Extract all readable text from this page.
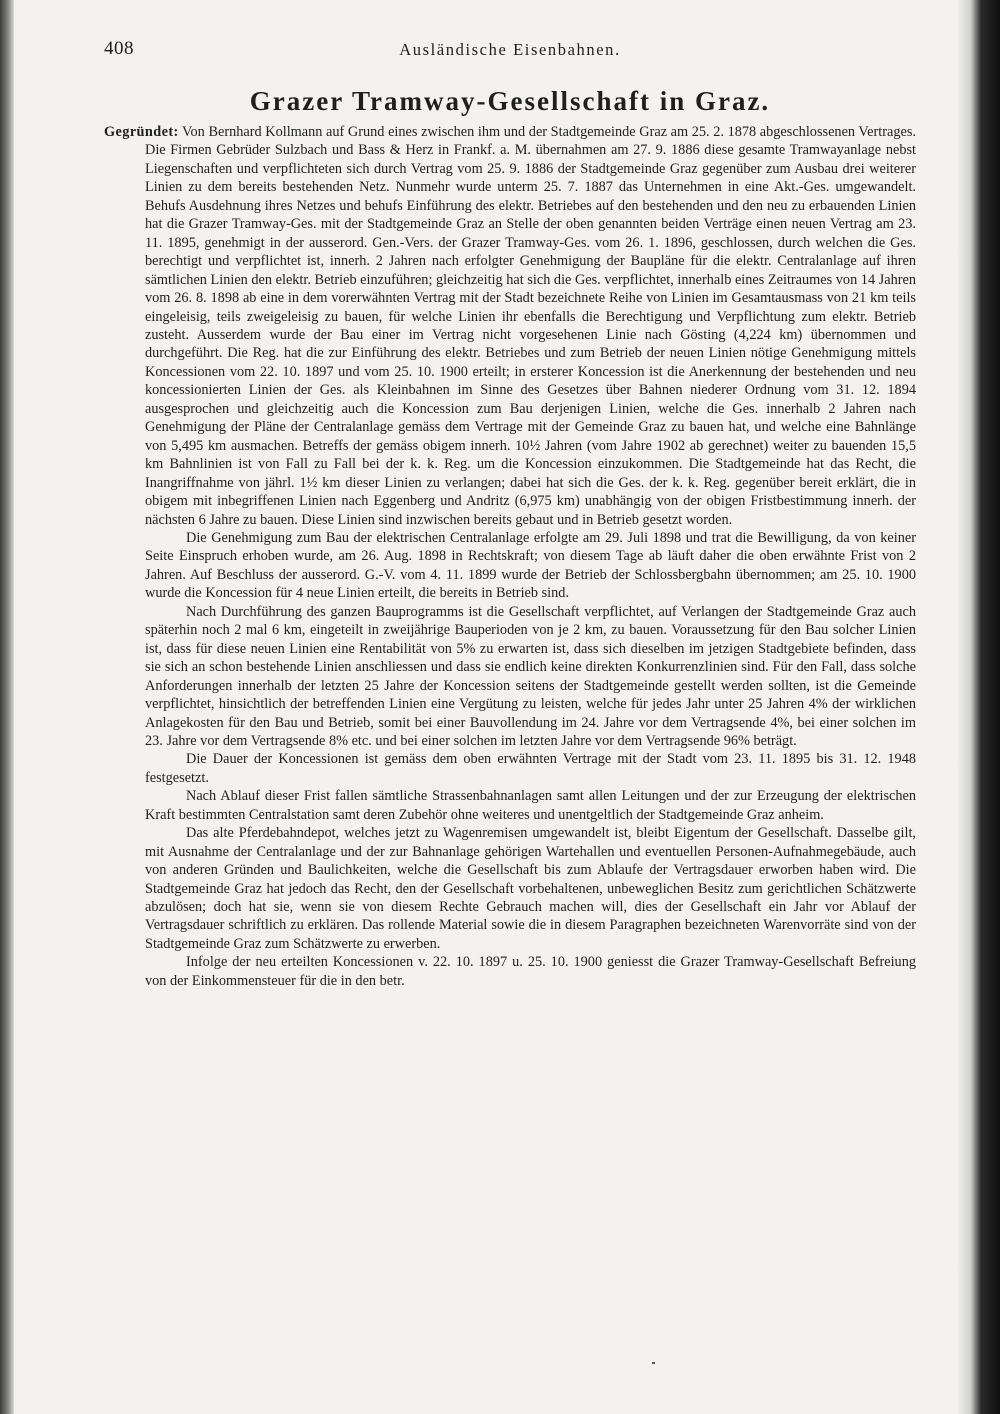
408	Ausländische Eisenbahnen.
Grazer Tramway-Gesellschaft in Graz.

Gegründet: Von Bernhard Kollmann auf Grund eines zwischen ihm und der Stadtgemeinde Graz am 25. 2. 1878 abgeschlossenen Vertrages. Die Firmen Gebrüder Sulzbach und Bass & Herz in Frankf. a. M. übernahmen am 27. 9. 1886 diese gesamte Tramwayanlage nebst Liegenschaften und verpflichteten sich durch Vertrag vom 25. 9. 1886 der Stadtgemeinde Graz gegenüber zum Ausbau drei weiterer Linien zu dem bereits bestehenden Netz. Nunmehr wurde unterm 25. 7. 1887 das Unternehmen in eine Akt.-Ges. umgewandelt. Behufs Ausdehnung ihres Netzes und behufs Einführung des elektr. Betriebes auf den bestehenden und den neu zu erbauenden Linien hat die Grazer Tramway-Ges. mit der Stadtgemeinde Graz an Stelle der oben genannten beiden Verträge einen neuen Vertrag am 23. 11. 1895, genehmigt in der ausserord. Gen.-Vers. der Grazer Tramway-Ges. vom 26. 1. 1896, geschlossen, durch welchen die Ges. berechtigt und verpflichtet ist, innerh. 2 Jahren nach erfolgter Genehmigung der Baupläne für die elektr. Centralanlage auf ihren sämtlichen Linien den elektr. Betrieb einzuführen; gleichzeitig hat sich die Ges. verpflichtet, innerhalb eines Zeitraumes von 14 Jahren vom 26. 8. 1898 ab eine in dem vorerwähnten Vertrag mit der Stadt bezeichnete Reihe von Linien im Gesamtausmass von 21 km teils eingeleisig, teils zweigeleisig zu bauen, für welche Linien ihr ebenfalls die Berechtigung und Verpflichtung zum elektr. Betrieb zusteht. Ausserdem wurde der Bau einer im Vertrag nicht vorgesehenen Linie nach Gösting (4,224 km) übernommen und durchgeführt. Die Reg. hat die zur Einführung des elektr. Betriebes und zum Betrieb der neuen Linien nötige Genehmigung mittels Koncessionen vom 22. 10. 1897 und vom 25. 10. 1900 erteilt; in ersterer Koncession ist die Anerkennung der bestehenden und neu koncessionierten Linien der Ges. als Kleinbahnen im Sinne des Gesetzes über Bahnen niederer Ordnung vom 31. 12. 1894 ausgesprochen und gleichzeitig auch die Koncession zum Bau derjenigen Linien, welche die Ges. innerhalb 2 Jahren nach Genehmigung der Pläne der Centralanlage gemäss dem Vertrage mit der Gemeinde Graz zu bauen hat, und welche eine Bahnlänge von 5,495 km ausmachen. Betreffs der gemäss obigem innerh. 10½ Jahren (vom Jahre 1902 ab gerechnet) weiter zu bauenden 15,5 km Bahnlinien ist von Fall zu Fall bei der k. k. Reg. um die Koncession einzukommen. Die Stadtgemeinde hat das Recht, die Inangriffnahme von jährl. 1½ km dieser Linien zu verlangen; dabei hat sich die Ges. der k. k. Reg. gegenüber bereit erklärt, die in obigem mit inbegriffenen Linien nach Eggenberg und Andritz (6,975 km) unabhängig von der obigen Fristbestimmung innerh. der nächsten 6 Jahre zu bauen. Diese Linien sind inzwischen bereits gebaut und in Betrieb gesetzt worden.

Die Genehmigung zum Bau der elektrischen Centralanlage erfolgte am 29. Juli 1898 und trat die Bewilligung, da von keiner Seite Einspruch erhoben wurde, am 26. Aug. 1898 in Rechtskraft; von diesem Tage ab läuft daher die oben erwähnte Frist von 2 Jahren. Auf Beschluss der ausserord. G.-V. vom 4. 11. 1899 wurde der Betrieb der Schlossbergbahn übernommen; am 25. 10. 1900 wurde die Koncession für 4 neue Linien erteilt, die bereits in Betrieb sind.

Nach Durchführung des ganzen Bauprogramms ist die Gesellschaft verpflichtet, auf Verlangen der Stadtgemeinde Graz auch späterhin noch 2 mal 6 km, eingeteilt in zweijährige Bauperioden von je 2 km, zu bauen. Voraussetzung für den Bau solcher Linien ist, dass für diese neuen Linien eine Rentabilität von 5% zu erwarten ist, dass sich dieselben im jetzigen Stadtgebiete befinden, dass sie sich an schon bestehende Linien anschliessen und dass sie endlich keine direkten Konkurrenzlinien sind. Für den Fall, dass solche Anforderungen innerhalb der letzten 25 Jahre der Koncession seitens der Stadtgemeinde gestellt werden sollten, ist die Gemeinde verpflichtet, hinsichtlich der betreffenden Linien eine Vergütung zu leisten, welche für jedes Jahr unter 25 Jahren 4% der wirklichen Anlagekosten für den Bau und Betrieb, somit bei einer Bauvollendung im 24. Jahre vor dem Vertragsende 4%, bei einer solchen im 23. Jahre vor dem Vertragsende 8% etc. und bei einer solchen im letzten Jahre vor dem Vertragsende 96% beträgt.

Die Dauer der Koncessionen ist gemäss dem oben erwähnten Vertrage mit der Stadt vom 23. 11. 1895 bis 31. 12. 1948 festgesetzt.

Nach Ablauf dieser Frist fallen sämtliche Strassenbahnanlagen samt allen Leitungen und der zur Erzeugung der elektrischen Kraft bestimmten Centralstation samt deren Zubehör ohne weiteres und unentgeltlich der Stadtgemeinde Graz anheim.

Das alte Pferdebahndepot, welches jetzt zu Wagenremisen umgewandelt ist, bleibt Eigentum der Gesellschaft. Dasselbe gilt, mit Ausnahme der Centralanlage und der zur Bahnanlage gehörigen Wartehallen und eventuellen Personen-Aufnahmegebäude, auch von anderen Gründen und Baulichkeiten, welche die Gesellschaft bis zum Ablaufe der Vertragsdauer erworben haben wird. Die Stadtgemeinde Graz hat jedoch das Recht, den der Gesellschaft vorbehaltenen, unbeweglichen Besitz zum gerichtlichen Schätzwerte abzulösen; doch hat sie, wenn sie von diesem Rechte Gebrauch machen will, dies der Gesellschaft ein Jahr vor Ablauf der Vertragsdauer schriftlich zu erklären. Das rollende Material sowie die in diesem Paragraphen bezeichneten Warenvorräte sind von der Stadtgemeinde Graz zum Schätzwerte zu erwerben.

Infolge der neu erteilten Koncessionen v. 22. 10. 1897 u. 25. 10. 1900 geniesst die Grazer Tramway-Gesellschaft Befreiung von der Einkommensteuer für die in den betr.
